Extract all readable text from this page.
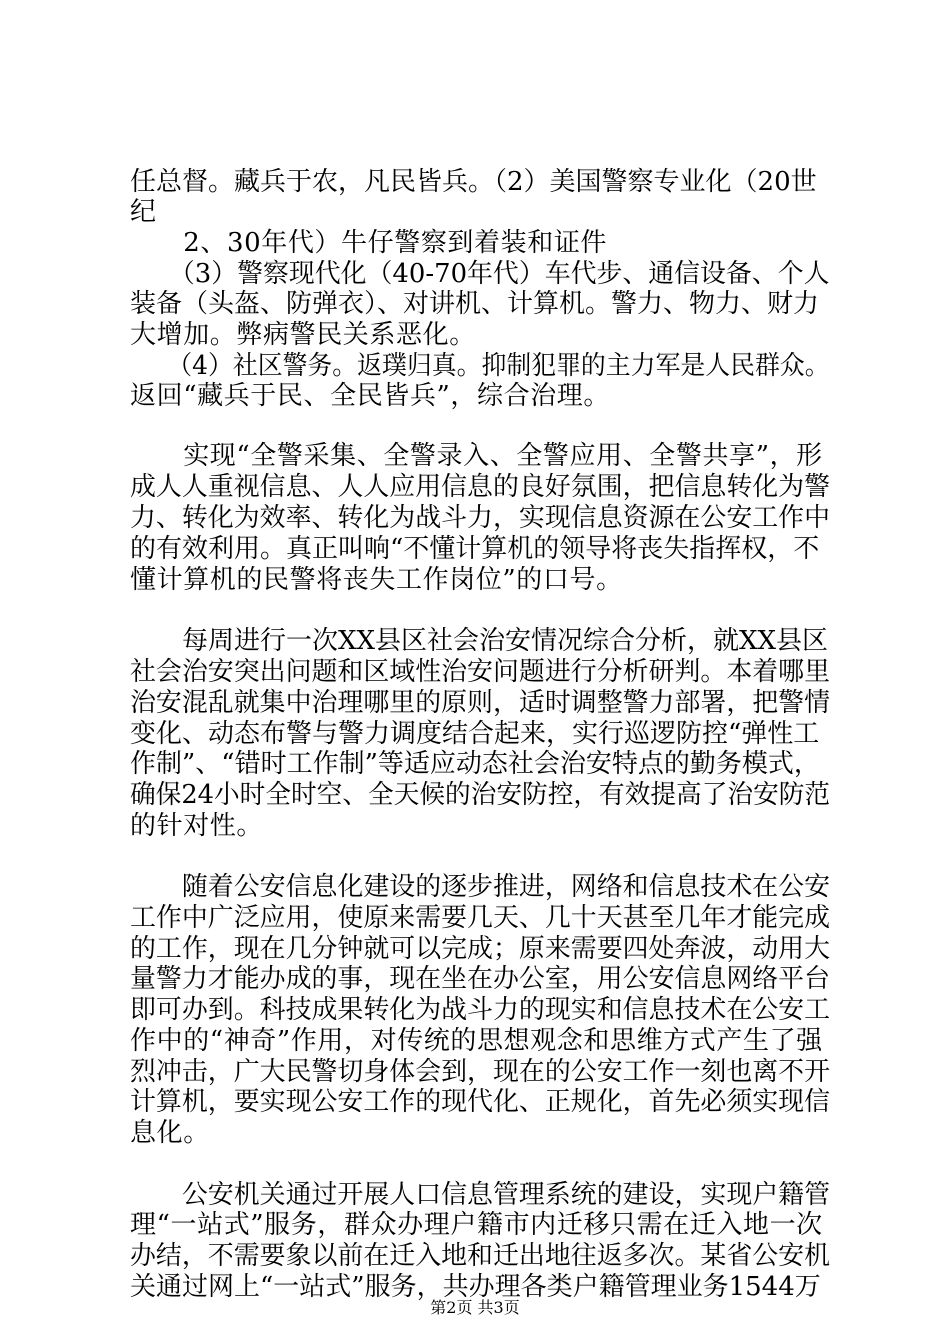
任总督。藏兵于农，凡民皆兵。（2）美国警察专业化（20世
纪
　　2、30年代）牛仔警察到着装和证件
　　（3）警察现代化（40-70年代）车代步、通信设备、个人
装备（头盔、防弹衣）、对讲机、计算机。警力、物力、财力
大增加。弊病警民关系恶化。
　　（4）社区警务。返璞归真。抑制犯罪的主力军是人民群众。
返回“藏兵于民、全民皆兵”，综合治理。
　　实现“全警采集、全警录入、全警应用、全警共享”，形
成人人重视信息、人人应用信息的良好氛围，把信息转化为警
力、转化为效率、转化为战斗力，实现信息资源在公安工作中
的有效利用。真正叫响“不懂计算机的领导将丧失指挥权，不
懂计算机的民警将丧失工作岗位”的口号。
　　每周进行一次XX县区社会治安情况综合分析，就XX县区
社会治安突出问题和区域性治安问题进行分析研判。本着哪里
治安混乱就集中治理哪里的原则，适时调整警力部署，把警情
变化、动态布警与警力调度结合起来，实行巡逻防控“弹性工
作制”、“错时工作制”等适应动态社会治安特点的勤务模式，
确保24小时全时空、全天候的治安防控，有效提高了治安防范
的针对性。
　　随着公安信息化建设的逐步推进，网络和信息技术在公安
工作中广泛应用，使原来需要几天、几十天甚至几年才能完成
的工作，现在几分钟就可以完成；原来需要四处奔波，动用大
量警力才能办成的事，现在坐在办公室，用公安信息网络平台
即可办到。科技成果转化为战斗力的现实和信息技术在公安工
作中的“神奇”作用，对传统的思想观念和思维方式产生了强
烈冲击，广大民警切身体会到，现在的公安工作一刻也离不开
计算机，要实现公安工作的现代化、正规化，首先必须实现信
息化。
　　公安机关通过开展人口信息管理系统的建设，实现户籍管
理“一站式”服务，群众办理户籍市内迁移只需在迁入地一次
办结，不需要象以前在迁入地和迁出地往返多次。某省公安机
关通过网上“一站式”服务，共办理各类户籍管理业务1544万
第2页 共3页
